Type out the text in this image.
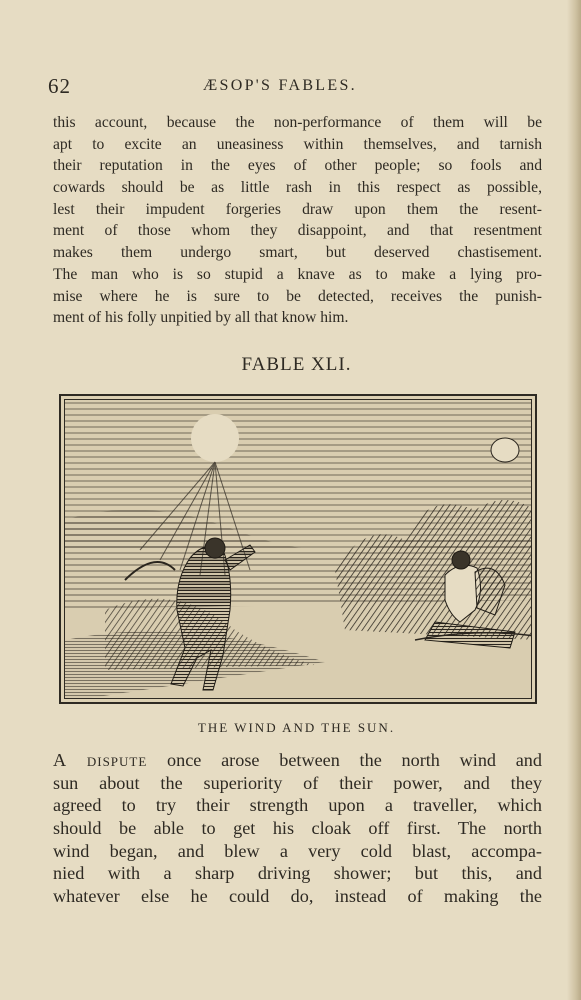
62	ÆSOP'S FABLES.
this account, because the non-performance of them will be
apt to excite an uneasiness within themselves, and tarnish
their reputation in the eyes of other people; so fools and
cowards should be as little rash in this respect as possible,
lest their impudent forgeries draw upon them the resent-
ment of those whom they disappoint, and that resentment
makes them undergo smart, but deserved chastisement.
The man who is so stupid a knave as to make a lying pro-
mise where he is sure to be detected, receives the punish-
ment of his folly unpitied by all that know him.
FABLE XLI.
THE WIND AND THE SUN.
A dispute once arose between the north wind and
sun about the superiority of their power, and they
agreed to try their strength upon a traveller, which
should be able to get his cloak off first. The north
wind began, and blew a very cold blast, accompa-
nied with a sharp driving shower; but this, and
whatever else he could do, instead of making the
